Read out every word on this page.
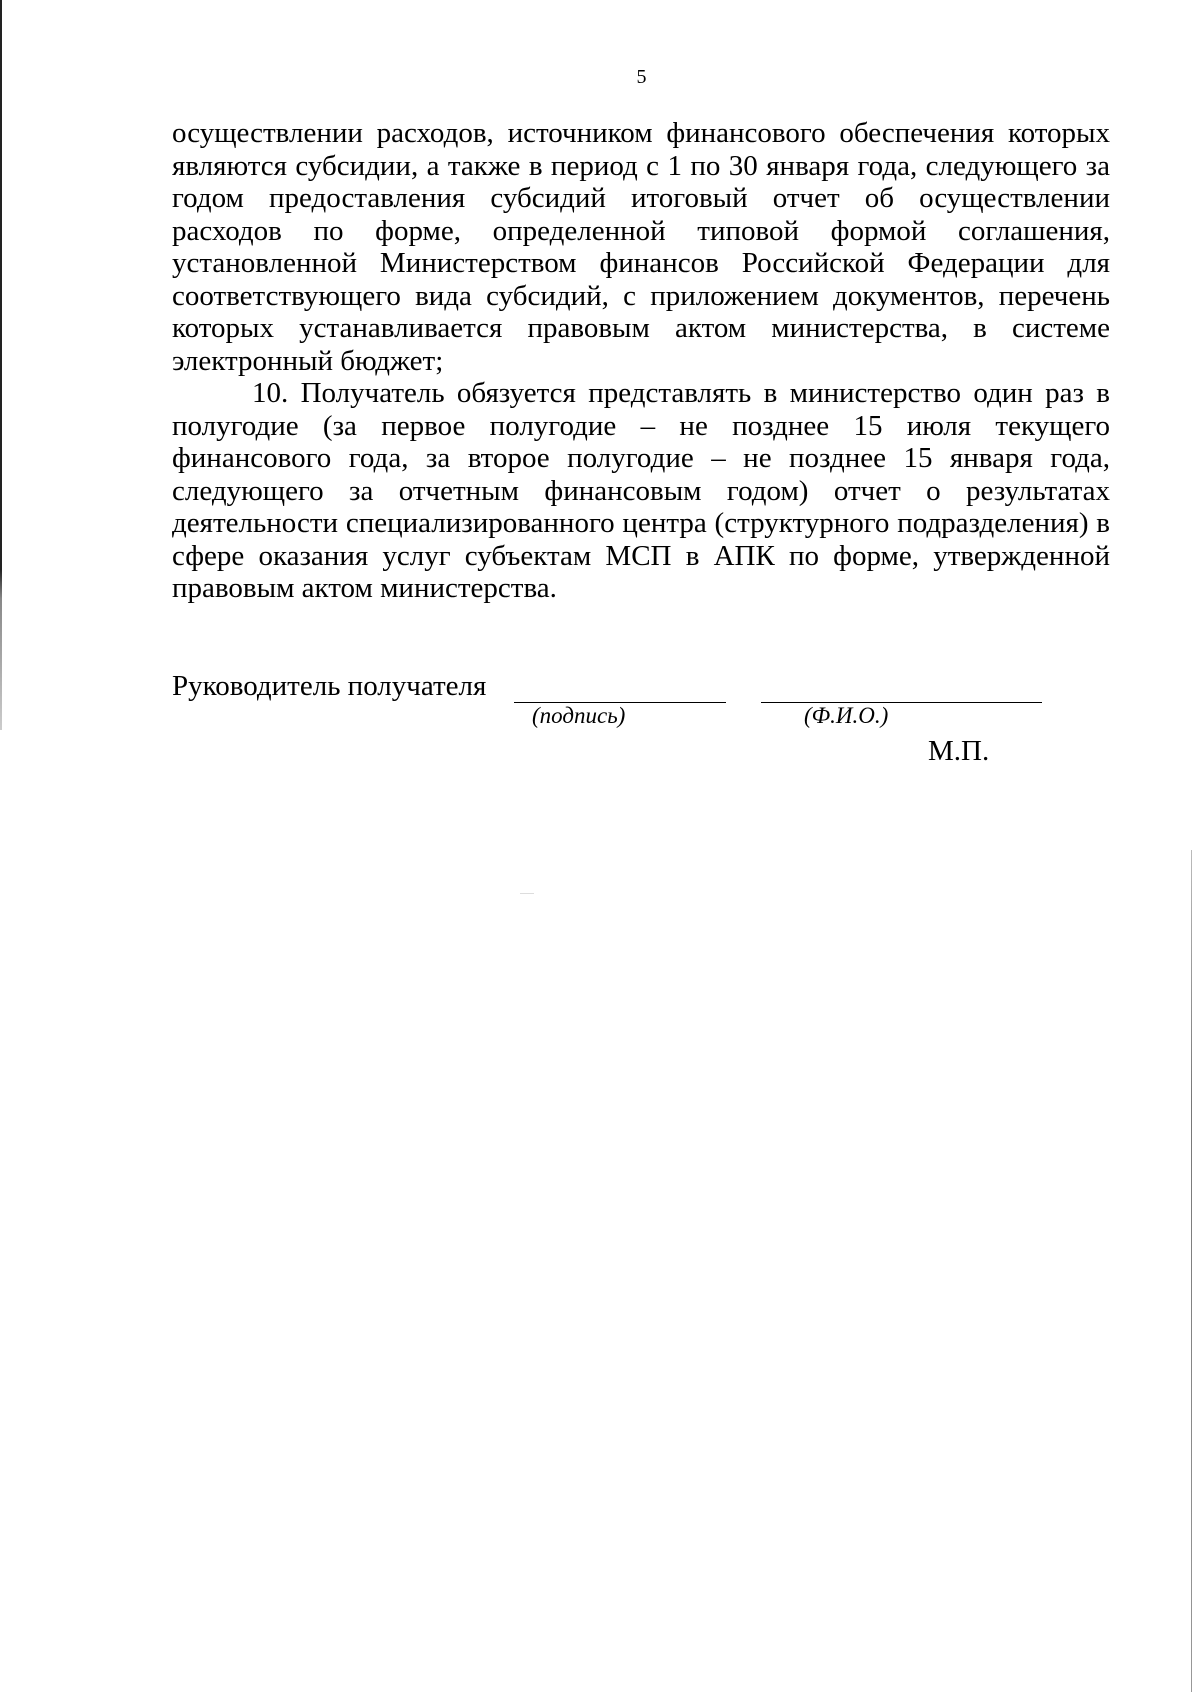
5

осуществлении расходов, источником финансового обеспечения которых являются субсидии, а также в период с 1 по 30 января года, следующего за годом предоставления субсидий итоговый отчет об осуществлении расходов по форме, определенной типовой формой соглашения, установленной Министерством финансов Российской Федерации для соответствующего вида субсидий, с приложением документов, перечень которых устанавливается правовым актом министерства, в системе электронный бюджет;

10. Получатель обязуется представлять в министерство один раз в полугодие (за первое полугодие – не позднее 15 июля текущего финансового года, за второе полугодие – не позднее 15 января года, следующего за отчетным финансовым годом) отчет о результатах деятельности специализированного центра (структурного подразделения) в сфере оказания услуг субъектам МСП в АПК по форме, утвержденной правовым актом министерства.

Руководитель получателя
(подпись)	(Ф.И.О.)
М.П.
